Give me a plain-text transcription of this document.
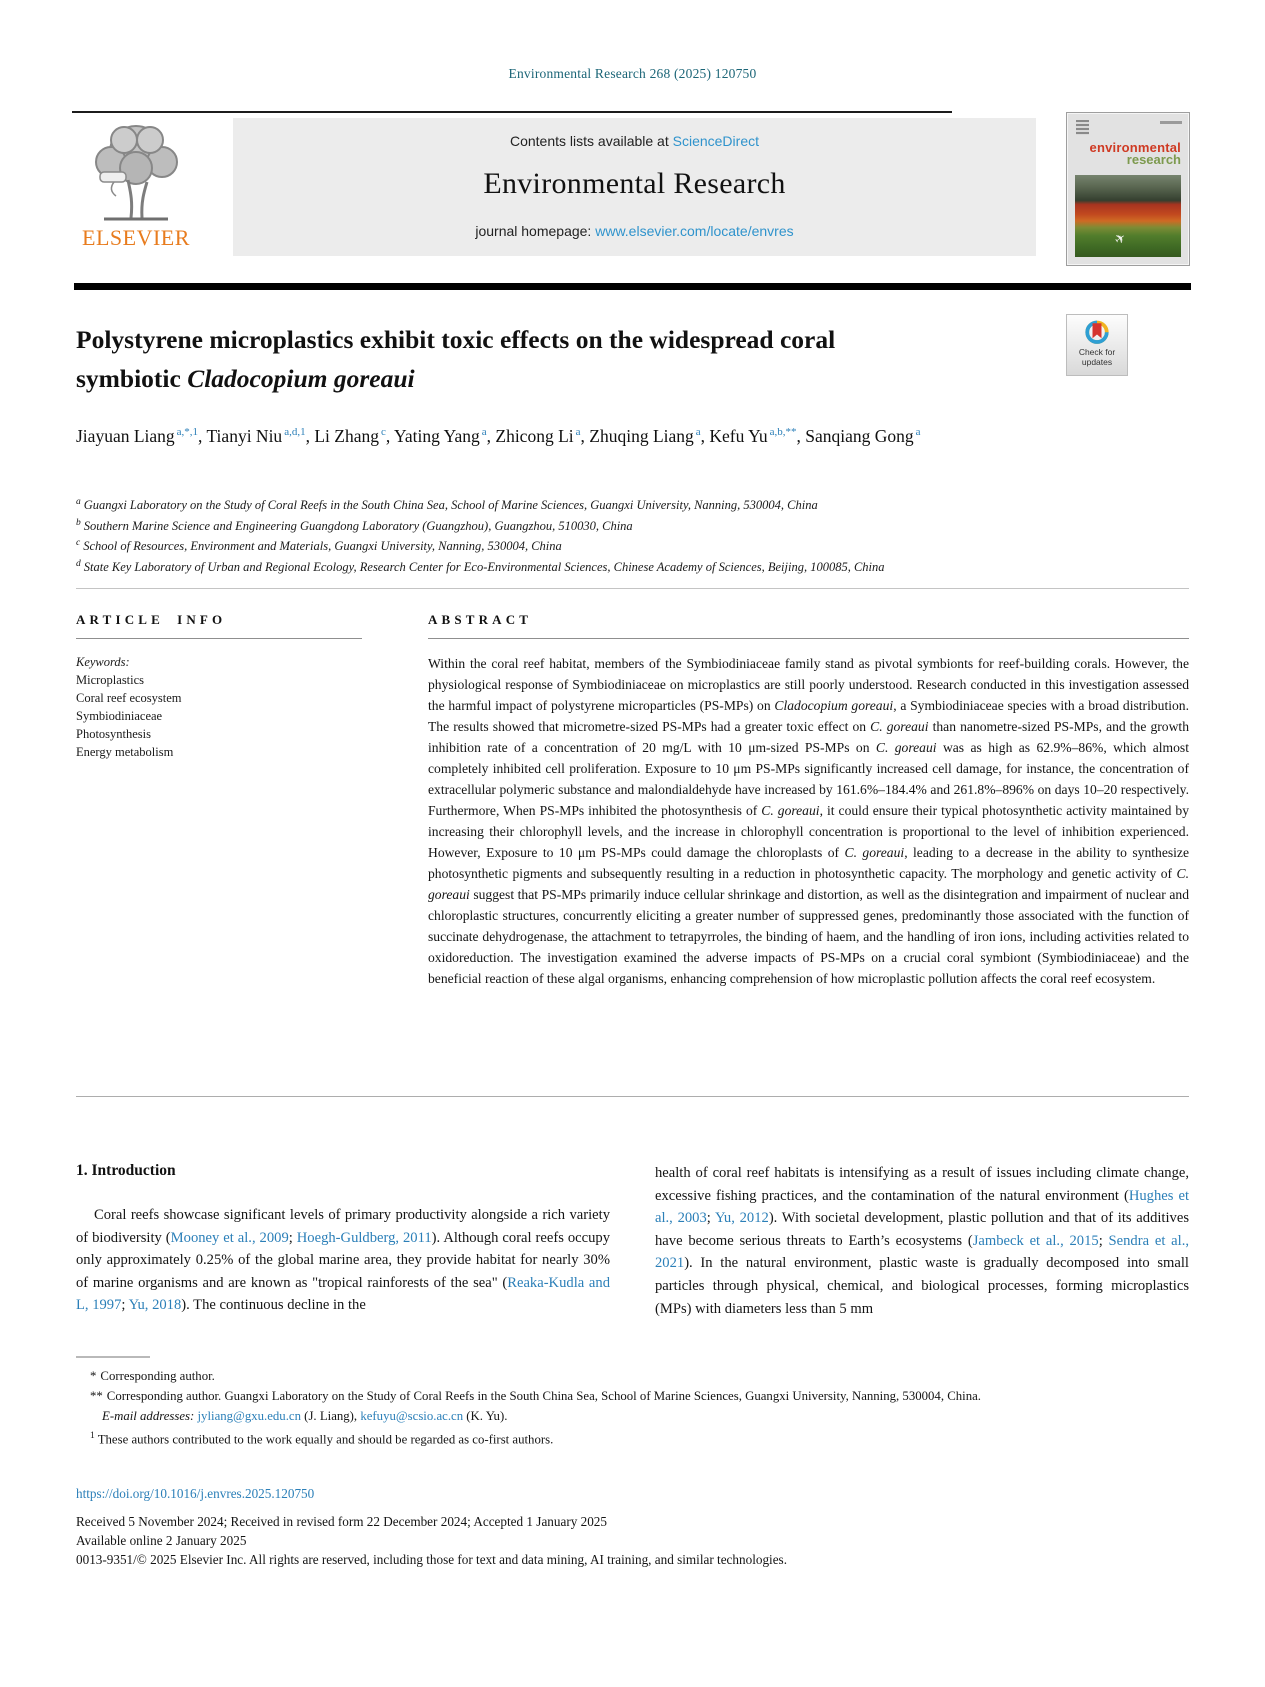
Environmental Research 268 (2025) 120750
ELSEVIER
Contents lists available at ScienceDirect
Environmental Research
journal homepage: www.elsevier.com/locate/envres
environmental
research
Check for
updates
Polystyrene microplastics exhibit toxic effects on the widespread coral symbiotic Cladocopium goreaui
Jiayuan Liang $^{a,*,1}$, Tianyi Niu $^{a,d,1}$, Li Zhang $^c$, Yating Yang $^a$, Zhicong Li $^a$, Zhuqing Liang $^a$, Kefu Yu $^{a,b,**}$, Sanqiang Gong $^a$
$^a$ Guangxi Laboratory on the Study of Coral Reefs in the South China Sea, School of Marine Sciences, Guangxi University, Nanning, 530004, China
$^b$ Southern Marine Science and Engineering Guangdong Laboratory (Guangzhou), Guangzhou, 510030, China
$^c$ School of Resources, Environment and Materials, Guangxi University, Nanning, 530004, China
$^d$ State Key Laboratory of Urban and Regional Ecology, Research Center for Eco-Environmental Sciences, Chinese Academy of Sciences, Beijing, 100085, China
ARTICLE INFO
Keywords:
Microplastics
Coral reef ecosystem
Symbiodiniaceae
Photosynthesis
Energy metabolism
ABSTRACT
Within the coral reef habitat, members of the Symbiodiniaceae family stand as pivotal symbionts for reef-building corals. However, the physiological response of Symbiodiniaceae on microplastics are still poorly understood. Research conducted in this investigation assessed the harmful impact of polystyrene microparticles (PS-MPs) on Cladocopium goreaui, a Symbiodiniaceae species with a broad distribution. The results showed that micrometre-sized PS-MPs had a greater toxic effect on C. goreaui than nanometre-sized PS-MPs, and the growth inhibition rate of a concentration of 20 mg/L with 10 μm-sized PS-MPs on C. goreaui was as high as 62.9%–86%, which almost completely inhibited cell proliferation. Exposure to 10 μm PS-MPs significantly increased cell damage, for instance, the concentration of extracellular polymeric substance and malondialdehyde have increased by 161.6%–184.4% and 261.8%–896% on days 10–20 respectively. Furthermore, When PS-MPs inhibited the photosynthesis of C. goreaui, it could ensure their typical photosynthetic activity maintained by increasing their chlorophyll levels, and the increase in chlorophyll concentration is proportional to the level of inhibition experienced. However, Exposure to 10 μm PS-MPs could damage the chloroplasts of C. goreaui, leading to a decrease in the ability to synthesize photosynthetic pigments and subsequently resulting in a reduction in photosynthetic capacity. The morphology and genetic activity of C. goreaui suggest that PS-MPs primarily induce cellular shrinkage and distortion, as well as the disintegration and impairment of nuclear and chloroplastic structures, concurrently eliciting a greater number of suppressed genes, predominantly those associated with the function of succinate dehydrogenase, the attachment to tetrapyrroles, the binding of haem, and the handling of iron ions, including activities related to oxidoreduction. The investigation examined the adverse impacts of PS-MPs on a crucial coral symbiont (Symbiodiniaceae) and the beneficial reaction of these algal organisms, enhancing comprehension of how microplastic pollution affects the coral reef ecosystem.
1. Introduction

Coral reefs showcase significant levels of primary productivity alongside a rich variety of biodiversity (Mooney et al., 2009; Hoegh-Guldberg, 2011). Although coral reefs occupy only approximately 0.25% of the global marine area, they provide habitat for nearly 30% of marine organisms and are known as "tropical rainforests of the sea" (Reaka-Kudla and L, 1997; Yu, 2018). The continuous decline in the

health of coral reef habitats is intensifying as a result of issues including climate change, excessive fishing practices, and the contamination of the natural environment (Hughes et al., 2003; Yu, 2012). With societal development, plastic pollution and that of its additives have become serious threats to Earth’s ecosystems (Jambeck et al., 2015; Sendra et al., 2021). In the natural environment, plastic waste is gradually decomposed into small particles through physical, chemical, and biological processes, forming microplastics (MPs) with diameters less than 5 mm

* Corresponding author.
** Corresponding author. Guangxi Laboratory on the Study of Coral Reefs in the South China Sea, School of Marine Sciences, Guangxi University, Nanning, 530004, China.
E-mail addresses: jyliang@gxu.edu.cn (J. Liang), kefuyu@scsio.ac.cn (K. Yu).
$^1$ These authors contributed to the work equally and should be regarded as co-first authors.
https://doi.org/10.1016/j.envres.2025.120750
Received 5 November 2024; Received in revised form 22 December 2024; Accepted 1 January 2025
Available online 2 January 2025
0013-9351/© 2025 Elsevier Inc. All rights are reserved, including those for text and data mining, AI training, and similar technologies.
